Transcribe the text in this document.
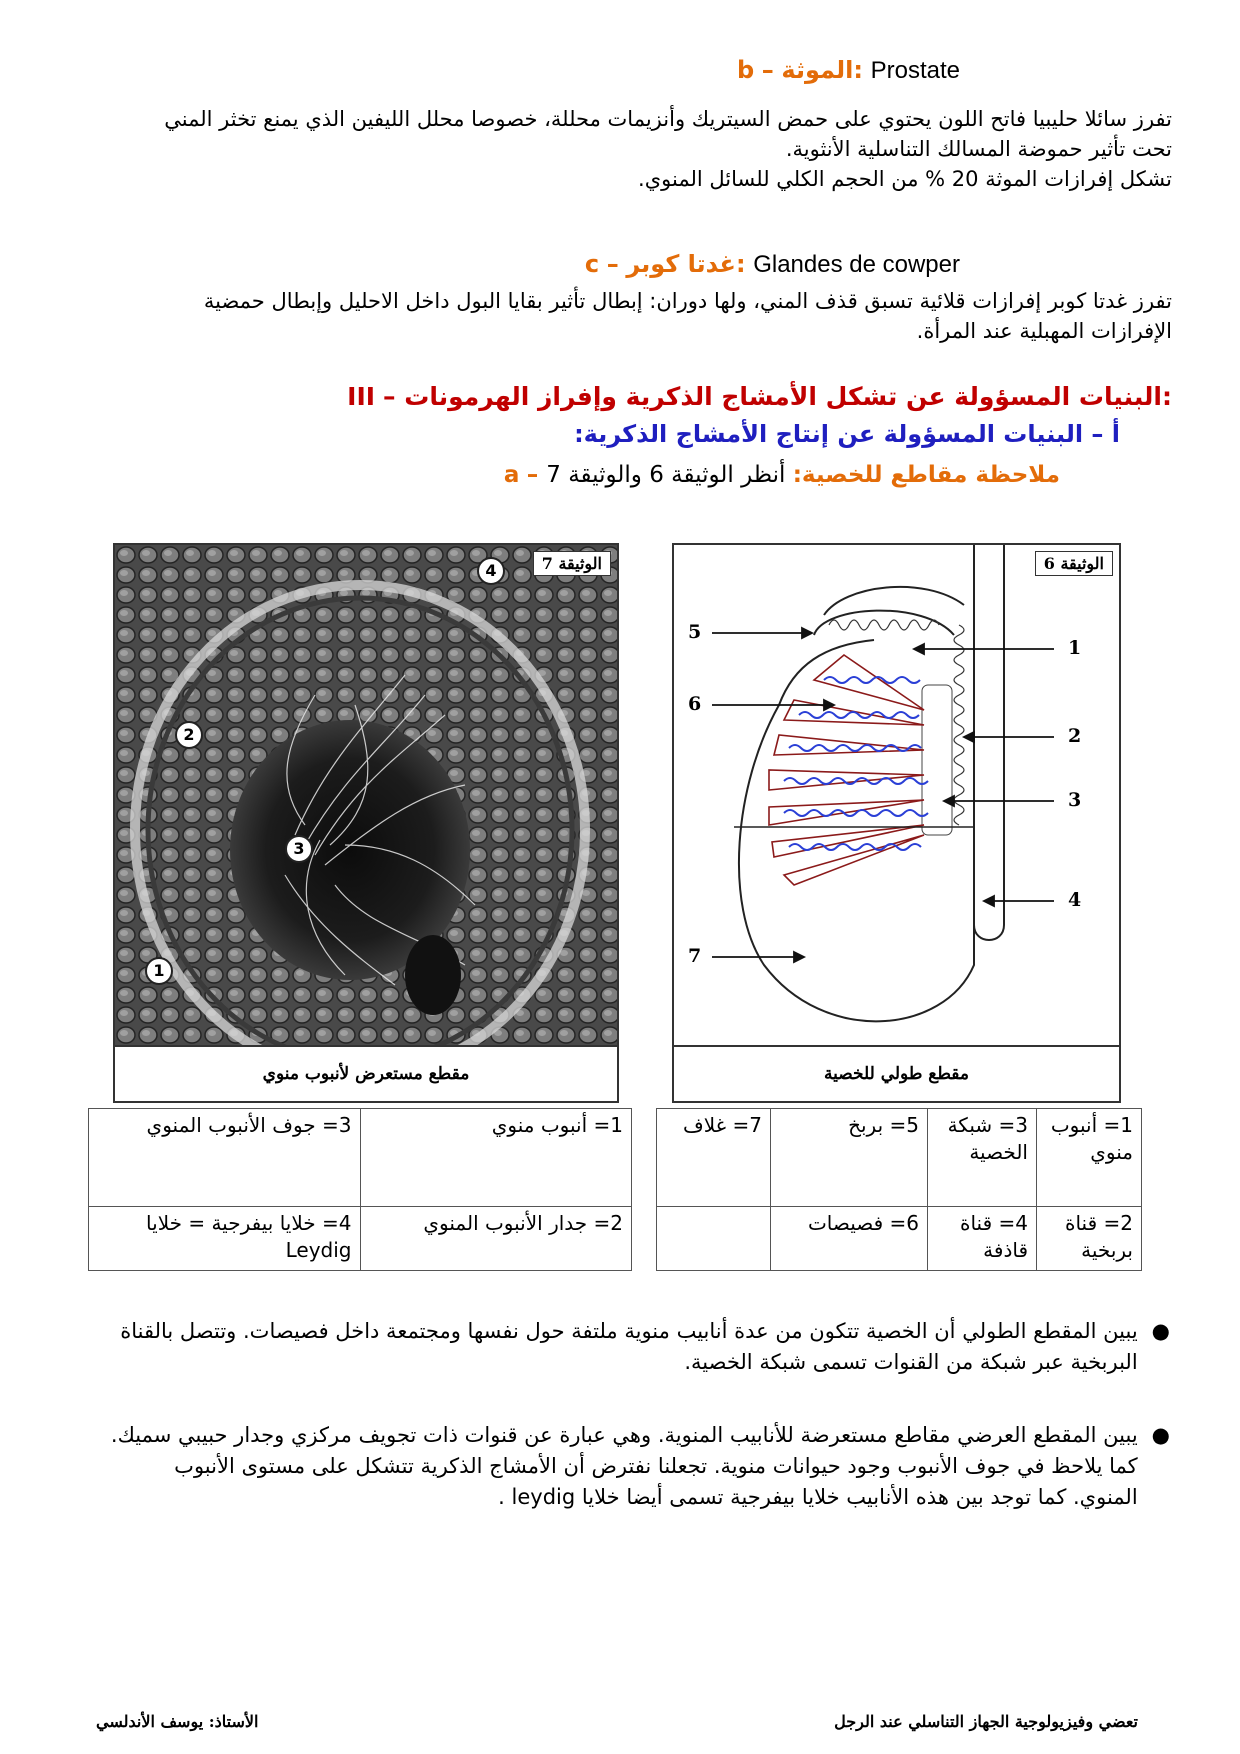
b – الموثة: Prostate
تفرز سائلا حليبيا فاتح اللون يحتوي على حمض السيتريك وأنزيمات محللة، خصوصا محلل الليفين الذي يمنع تخثر المني
تحت تأثير حموضة المسالك التناسلية الأنثوية.
تشكل إفرازات الموثة 20 % من الحجم الكلي للسائل المنوي.
c – غدتا كوبر: Glandes de cowper
تفرز غدتا كوبر إفرازات قلائية تسبق قذف المني، ولها دوران: إبطال تأثير بقايا البول داخل الاحليل وإبطال حمضية
الإفرازات المهبلية عند المرأة.
III – البنيات المسؤولة عن تشكل الأمشاج الذكرية وإفراز الهرمونات:
أ – البنيات المسؤولة عن إنتاج الأمشاج الذكرية:
a – ملاحظة مقاطع للخصية: أنظر الوثيقة 6 والوثيقة 7
الوثيقة 7
4
2
3
1
مقطع مستعرض لأنبوب منوي
الوثيقة 6
5
6
7
1
2
3
4
مقطع طولي للخصية
1= أنبوب منوي	3= جوف الأنبوب المنوي
2= جدار الأنبوب المنوي	4= خلايا بيفرجية = خلايا Leydig
1= أنبوب منوي	3= شبكة الخصية	5= بربخ	7= غلاف
2= قناة بربخية	4= قناة قاذفة	6= فصيصات	
●
يبين المقطع الطولي أن الخصية تتكون من عدة أنابيب منوية ملتفة حول نفسها ومجتمعة داخل فصيصات. وتتصل بالقناة البربخية عبر شبكة من القنوات تسمى شبكة الخصية.
●
يبين المقطع العرضي مقاطع مستعرضة للأنابيب المنوية. وهي عبارة عن قنوات ذات تجويف مركزي وجدار حبيبي سميك. كما يلاحظ في جوف الأنبوب وجود حيوانات منوية. تجعلنا نفترض أن الأمشاج الذكرية تتشكل على مستوى الأنبوب المنوي. كما توجد بين هذه الأنابيب خلايا بيفرجية تسمى أيضا خلايا leydig .
تعضي وفيزيولوجية الجهاز التناسلي عند الرجل
الأستاذ: يوسف الأندلسي
